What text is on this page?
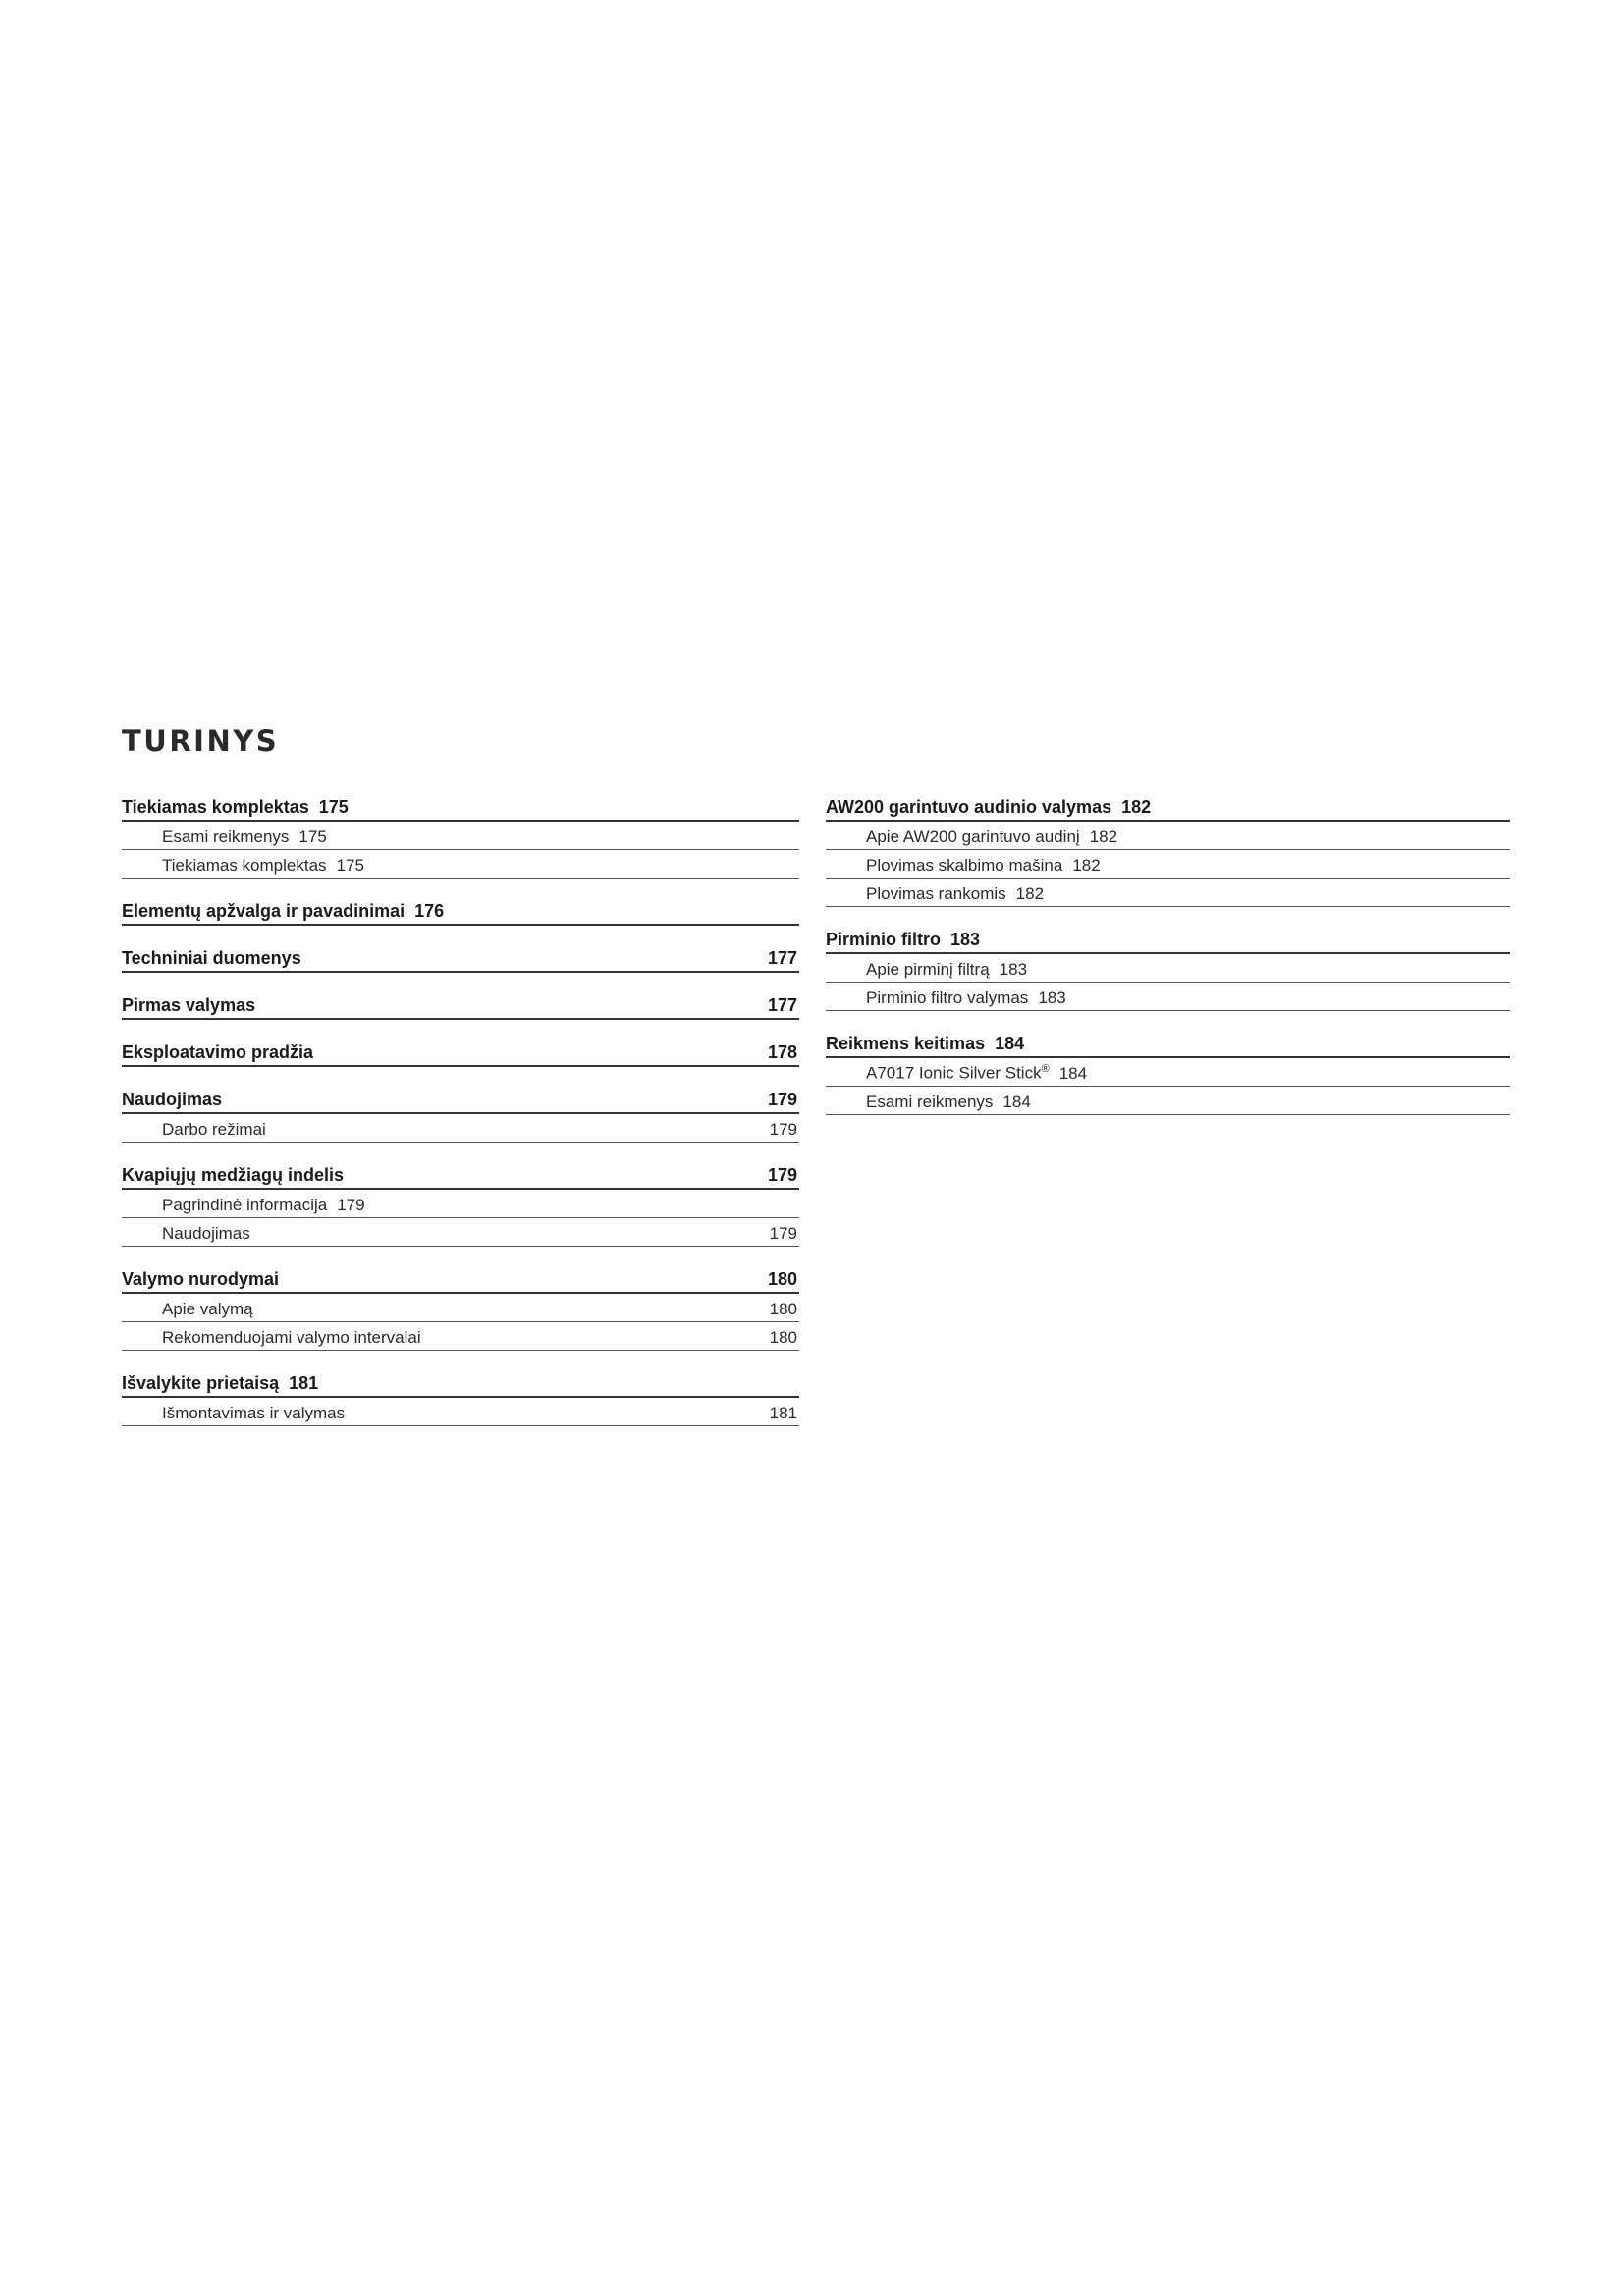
TURINYS
Tiekiamas komplektas 175
Esami reikmenys 175
Tiekiamas komplektas 175
Elementų apžvalga ir pavadinimai 176
Techniniai duomenys	177
Pirmas valymas	177
Eksploatavimo pradžia	178
Naudojimas	179
Darbo režimai	179
Kvapiųjų medžiagų indelis	179
Pagrindinė informacija 179
Naudojimas	179
Valymo nurodymai	180
Apie valymą	180
Rekomenduojami valymo intervalai	180
Išvalykite prietaisą 181
Išmontavimas ir valymas	181
AW200 garintuvo audinio valymas 182
Apie AW200 garintuvo audinį 182
Plovimas skalbimo mašina 182
Plovimas rankomis 182
Pirminio filtro 183
Apie pirminį filtrą 183
Pirminio filtro valymas 183
Reikmens keitimas 184
A7017 Ionic Silver Stick® 184
Esami reikmenys 184
